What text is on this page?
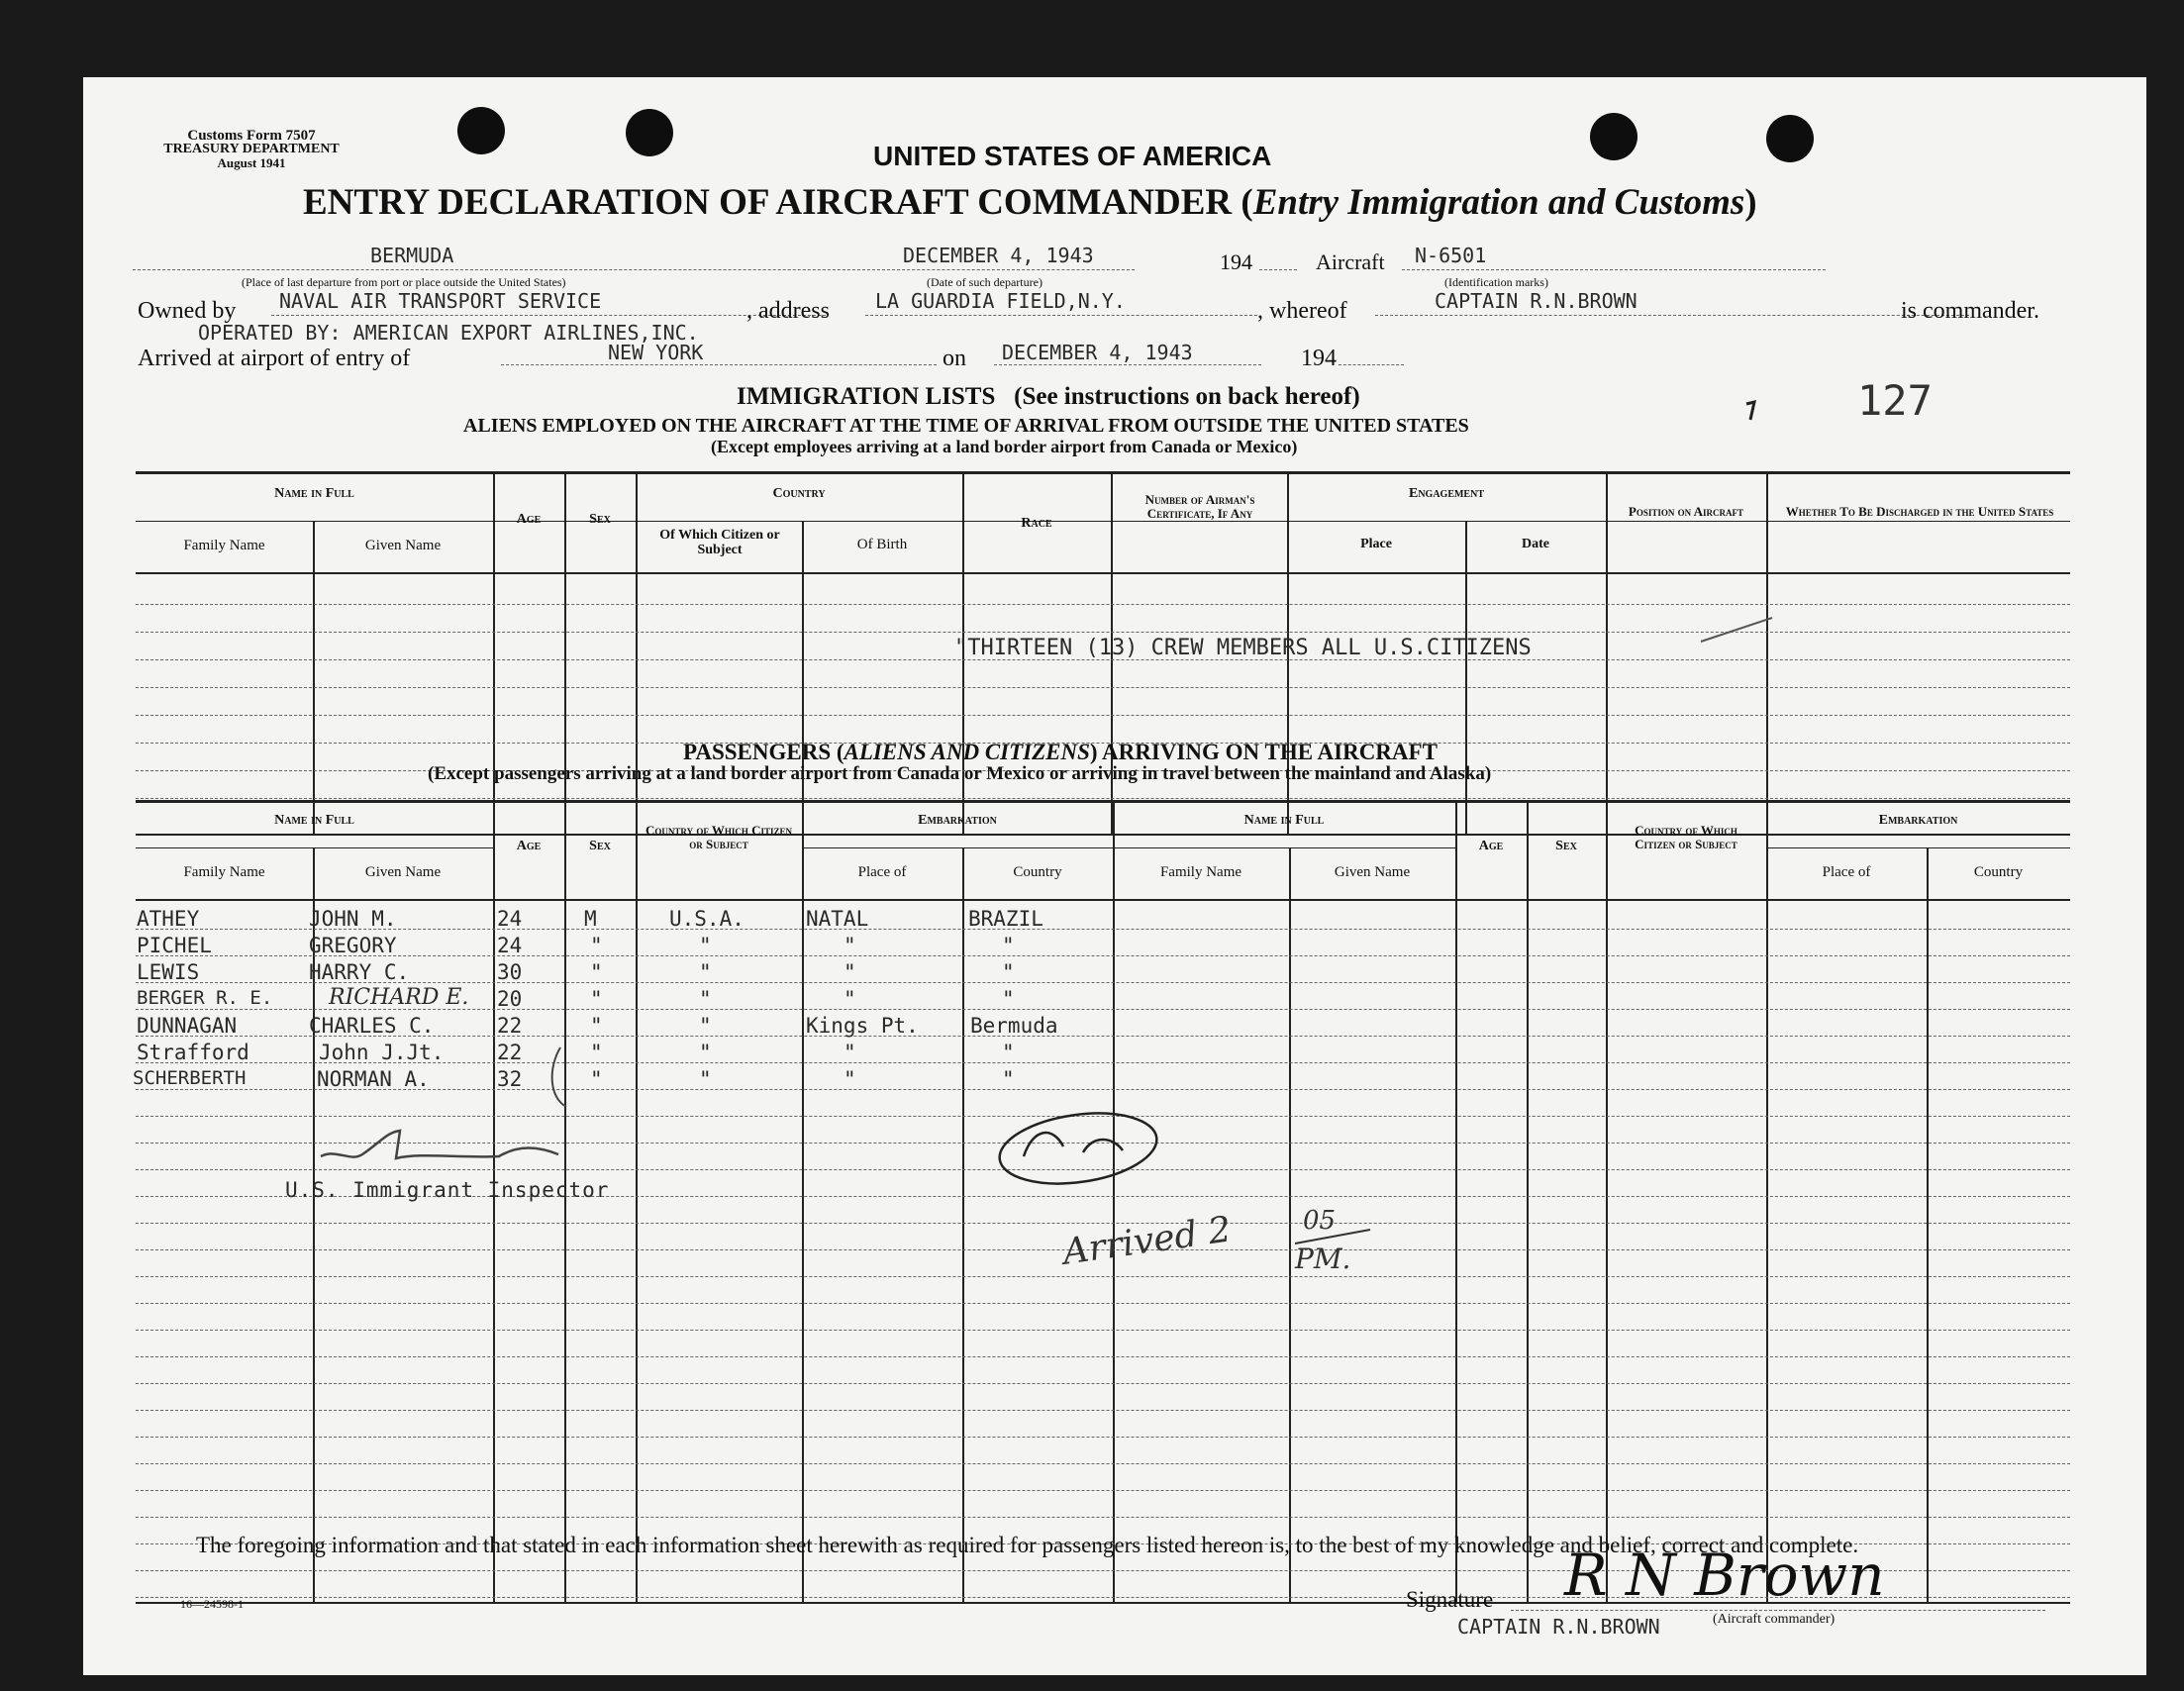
Customs Form 7507
TREASURY DEPARTMENT
August 1941	UNITED STATES OF AMERICA
ENTRY DECLARATION OF AIRCRAFT COMMANDER (Entry Immigration and Customs)
BERMUDA
(Place of last departure from port or place outside the United States)
DECEMBER 4, 1943
(Date of such departure)
194	Aircraft N-6501
(Identification marks)
Owned by NAVAL AIR TRANSPORT SERVICE	, address LA GUARDIA FIELD,N.Y.	, whereof	CAPTAIN R.N.BROWN	is commander.
OPERATED BY: AMERICAN EXPORT AIRLINES,INC.
Arrived at airport of entry of	NEW YORK	on DECEMBER 4, 1943	194
127
IMMIGRATION LISTS (See instructions on back hereof)
ALIENS EMPLOYED ON THE AIRCRAFT AT THE TIME OF ARRIVAL FROM OUTSIDE THE UNITED STATES
(Except employees arriving at a land border airport from Canada or Mexico)
Name in Full
Family Name	Given Name
Age	Sex
Country
Of Which Citizen or Subject	Of Birth
Race
Number of Airman's Certificate, If Any
Engagement
Place	Date
Position on Aircraft	Whether To Be Discharged in the United States
"THIRTEEN (13) CREW MEMBERS ALL U.S.CITIZENS
PASSENGERS (ALIENS AND CITIZENS) ARRIVING ON THE AIRCRAFT
(Except passengers arriving at a land border airport from Canada or Mexico or arriving in travel between the mainland and Alaska)
Name in Full
Family Name	Given Name
Age	Sex
Country of Which Citizen or Subject
Embarkation
Place of	Country
Name in Full
Family Name	Given Name
Age	Sex
Country of Which Citizen or Subject
Embarkation
Place of	Country
ATHEY	JOHN M.	24	M	U.S.A.	NATAL	BRAZIL
PICHEL	GREGORY	24	"	"	"	"
LEWIS	HARRY C.	30	"	"	"	"
BERGER R. E.	RICHARD E. 20	"	"	"	"
DUNNAGAN	CHARLES C.	22	"	"	Kings Pt. Bermuda
Strafford	John J.Jt.	22	"	"	"	"
SCHERBERTH	NORMAN A.	32	"	"	"	"
U.S. Immigrant Inspector
Arrived 2	05
PM.
The foregoing information and that stated in each information sheet herewith as required for passengers listed hereon is, to the best of my knowledge and belief, correct and complete.
16—24598-1	Signature R N Brown
CAPTAIN R.N.BROWN	(Aircraft commander)
